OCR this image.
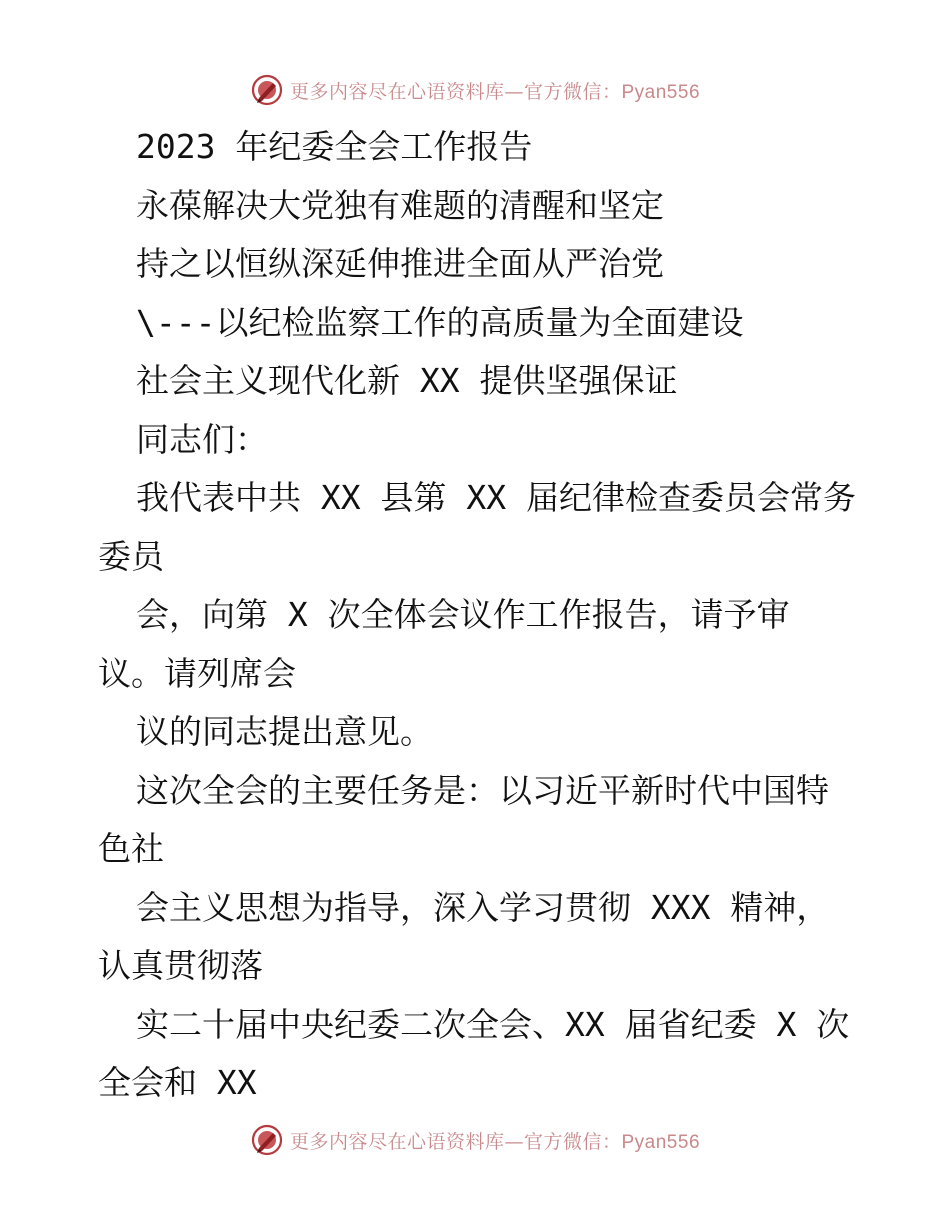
更多内容尽在心语资料库—官方微信：Pyan556
2023 年纪委全会工作报告
永葆解决大党独有难题的清醒和坚定
持之以恒纵深延伸推进全面从严治党
\---以纪检监察工作的高质量为全面建设
社会主义现代化新 XX 提供坚强保证
同志们：
我代表中共 XX 县第 XX 届纪律检查委员会常务
委员
会，向第 X 次全体会议作工作报告，请予审
议。请列席会
议的同志提出意见。
这次全会的主要任务是：以习近平新时代中国特
色社
会主义思想为指导，深入学习贯彻 XXX 精神，
认真贯彻落
实二十届中央纪委二次全会、XX 届省纪委 X 次
全会和 XX
更多内容尽在心语资料库—官方微信：Pyan556
